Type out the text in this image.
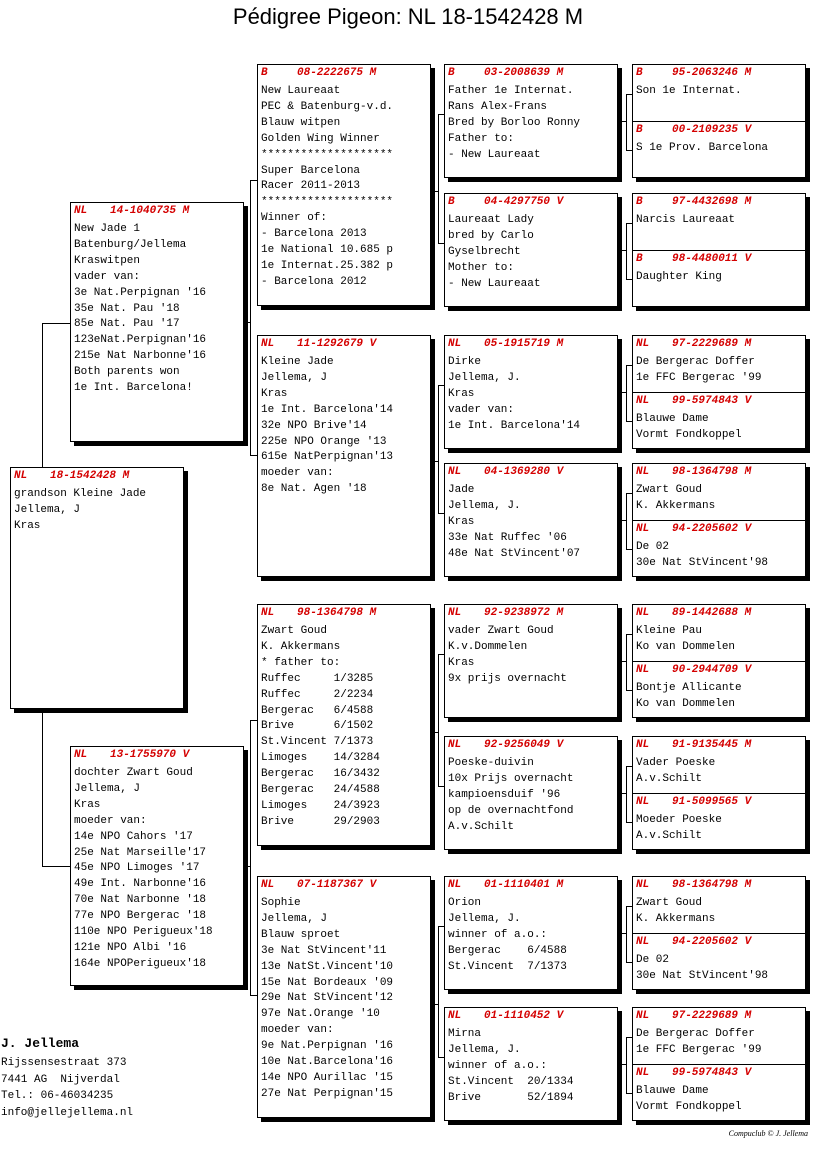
Pédigree Pigeon: NL 18-1542428 M
NL 18-1542428 M
grandson Kleine Jade
Jellema, J
Kras
NL 14-1040735 M
New Jade 1
Batenburg/Jellema
Kraswitpen
vader van:
3e Nat.Perpignan '16
35e Nat. Pau '18
85e Nat. Pau '17
123eNat.Perpignan'16
215e Nat Narbonne'16
Both parents won
1e Int. Barcelona!
NL 13-1755970 V
dochter Zwart Goud
Jellema, J
Kras
moeder van:
14e NPO Cahors '17
25e Nat Marseille'17
45e NPO Limoges '17
49e Int. Narbonne'16
70e Nat Narbonne '18
77e NPO Bergerac '18
110e NPO Perigueux'18
121e NPO Albi '16
164e NPOPerigueux'18
B	08-2222675 M
New Laureaat
PEC & Batenburg-v.d.
Blauw witpen
Golden Wing Winner
********************
Super Barcelona
Racer 2011-2013
********************
Winner of:
- Barcelona 2013
1e National 10.685 p
1e Internat.25.382 p
- Barcelona 2012
NL 11-1292679 V
Kleine Jade
Jellema, J
Kras
1e Int. Barcelona'14
32e NPO Brive'14
225e NPO Orange '13
615e NatPerpignan'13
moeder van:
8e Nat. Agen '18
NL 98-1364798 M
Zwart Goud
K. Akkermans
* father to:
Ruffec     1/3285
Ruffec     2/2234
Bergerac   6/4588
Brive      6/1502
St.Vincent 7/1373
Limoges    14/3284
Bergerac   16/3432
Bergerac   24/4588
Limoges    24/3923
Brive      29/2903
NL 07-1187367 V
Sophie
Jellema, J
Blauw sproet
3e Nat StVincent'11
13e NatSt.Vincent'10
15e Nat Bordeaux '09
29e Nat StVincent'12
97e Nat.Orange '10
moeder van:
9e Nat.Perpignan '16
10e Nat.Barcelona'16
14e NPO Aurillac '15
27e Nat Perpignan'15
B	03-2008639 M
Father 1e Internat.
Rans Alex-Frans
Bred by Borloo Ronny
Father to:
- New Laureaat
B	04-4297750 V
Laureaat Lady
bred by Carlo
Gyselbrecht
Mother to:
- New Laureaat
NL 05-1915719 M
Dirke
Jellema, J.
Kras
vader van:
1e Int. Barcelona'14
NL 04-1369280 V
Jade
Jellema, J.
Kras
33e Nat Ruffec '06
48e Nat StVincent'07
NL 92-9238972 M
vader Zwart Goud
K.v.Dommelen
Kras
9x prijs overnacht
NL 92-9256049 V
Poeske-duivin
10x Prijs overnacht
kampioensduif '96
op de overnachtfond
A.v.Schilt
NL 01-1110401 M
Orion
Jellema, J.
winner of a.o.:
Bergerac    6/4588
St.Vincent  7/1373
NL 01-1110452 V
Mirna
Jellema, J.
winner of a.o.:
St.Vincent  20/1334
Brive       52/1894
B	95-2063246 M
Son 1e Internat.
B	00-2109235 V
S 1e Prov. Barcelona
B	97-4432698 M
Narcis Laureaat
B	98-4480011 V
Daughter King
NL 97-2229689 M
De Bergerac Doffer
1e FFC Bergerac '99
NL 99-5974843 V
Blauwe Dame
Vormt Fondkoppel
NL 98-1364798 M
Zwart Goud
K. Akkermans
NL 94-2205602 V
De 02
30e Nat StVincent'98
NL 89-1442688 M
Kleine Pau
Ko van Dommelen
NL 90-2944709 V
Bontje Allicante
Ko van Dommelen
NL 91-9135445 M
Vader Poeske
A.v.Schilt
NL 91-5099565 V
Moeder Poeske
A.v.Schilt
NL 98-1364798 M
Zwart Goud
K. Akkermans
NL 94-2205602 V
De 02
30e Nat StVincent'98
NL 97-2229689 M
De Bergerac Doffer
1e FFC Bergerac '99
NL 99-5974843 V
Blauwe Dame
Vormt Fondkoppel
J. Jellema
Rijssensestraat 373
7441 AG  Nijverdal
Tel.: 06-46034235
info@jellejellema.nl
Compuclub © J. Jellema
